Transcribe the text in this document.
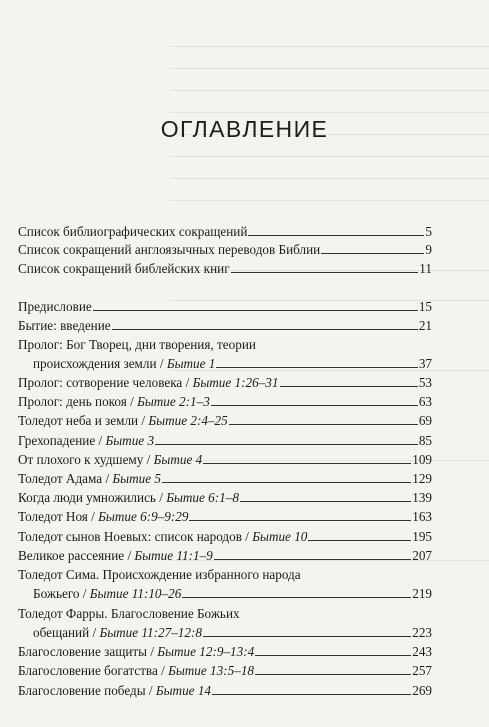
ОГЛАВЛЕНИЕ
Список библиографических сокращений	5
Список сокращений англоязычных переводов Библии	9
Список сокращений библейских книг	11
Предисловие	15
Бытие: введение	21
Пролог: Бог Творец, дни творения, теории
происхождения земли / Бытие 1	37
Пролог: сотворение человека / Бытие 1:26–31	53
Пролог: день покоя / Бытие 2:1–3	63
Толедот неба и земли / Бытие 2:4–25	69
Грехопадение / Бытие 3	85
От плохого к худшему / Бытие 4	109
Толедот Адама / Бытие 5	129
Когда люди умножились / Бытие 6:1–8	139
Толедот Ноя / Бытие 6:9–9:29	163
Толедот сынов Ноевых: список народов / Бытие 10	195
Великое рассеяние / Бытие 11:1–9	207
Толедот Сима. Происхождение избранного народа
Божьего / Бытие 11:10–26	219
Толедот Фарры. Благословение Божьих
обещаний / Бытие 11:27–12:8	223
Благословение защиты / Бытие 12:9–13:4	243
Благословение богатства / Бытие 13:5–18	257
Благословение победы / Бытие 14	269
